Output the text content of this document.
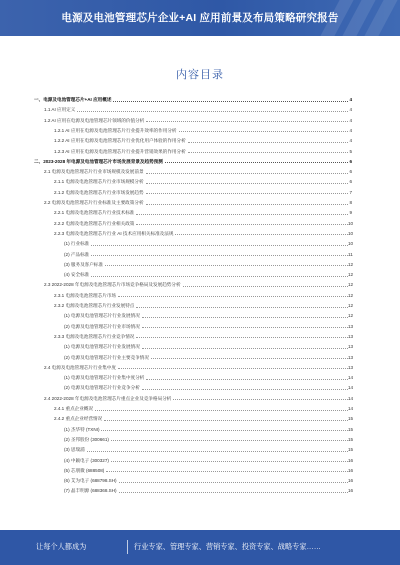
电源及电池管理芯片企业+AI 应用前景及布局策略研究报告
内容目录
一、电源及电池管理芯片+AI 应用概述	4
1.1 AI 应用定义	4
1.2 AI 应用在电源及电池管理芯片领域的价值分析	4
1.2.1 AI 应用在电源及电池管理芯片行业提升效率的作用分析	4
1.2.2 AI 应用在电源及电池管理芯片行业优化用户体验的作用分析	4
1.2.3 AI 应用在电源及电池管理芯片行业提升营销效果的作用分析	5
二、2023-2028 年电源及电池管理芯片市场发展背景及趋势预测	6
2.1 电源及电池管理芯片行业市场规模及发展前景	6
2.1.1 电源及电池管理芯片行业市场规模分析	6
2.1.2 电源及电池管理芯片行业市场发展趋势	7
2.2 电源及电池管理芯片行业标准及主要政策分析	8
2.2.1 电源及电池管理芯片行业技术标准	9
2.2.2 电源及电池管理芯片行业相关政策	10
2.2.3 电源及电池管理芯片行业 AI 技术应用相关标准及法规	10
(1) 行业标准	10
(2) 产品标准	11
(3) 服务及客户标准	12
(4) 安全标准	12
2.3 2022-2028 年电源及电池管理芯片市场竞争格局及发展趋势分析	12
2.3.1 电源及电池管理芯片市场	12
2.3.2 电源及电池管理芯片行业发展特点	12
(1) 电源及电池管理芯片行业发展情况	12
(2) 电源及电池管理芯片行业市场情况	13
2.3.3 电源及电池管理芯片行业竞争情况	13
(1) 电源及电池管理芯片行业发展情况	13
(2) 电源及电池管理芯片行业主要竞争情况	13
2.4 电源及电池管理芯片行业集中度	13
(1) 电源及电池管理芯片行业集中度分析	14
(2) 电源及电池管理芯片行业竞争分析	14
2.4 2022-2028 年电源及电池管理芯片重点企业及竞争格局分析	14
2.4.1 重点企业概况	14
2.4.2 重点企业经营情况	15
(1) 杰华特 (TXNI)	15
(2) 圣邦股份 (300661)	15
(3) 思瑞浦	15
(4) 中颖电子 (300327)	16
(5) 芯朋微 (688508)	16
(6) 艾为电子 (688798.SH)	16
(7) 晶丰明源 (688368.SH)	16
让每个人都成为	行业专家、管理专家、营销专家、投资专家、战略专家……
